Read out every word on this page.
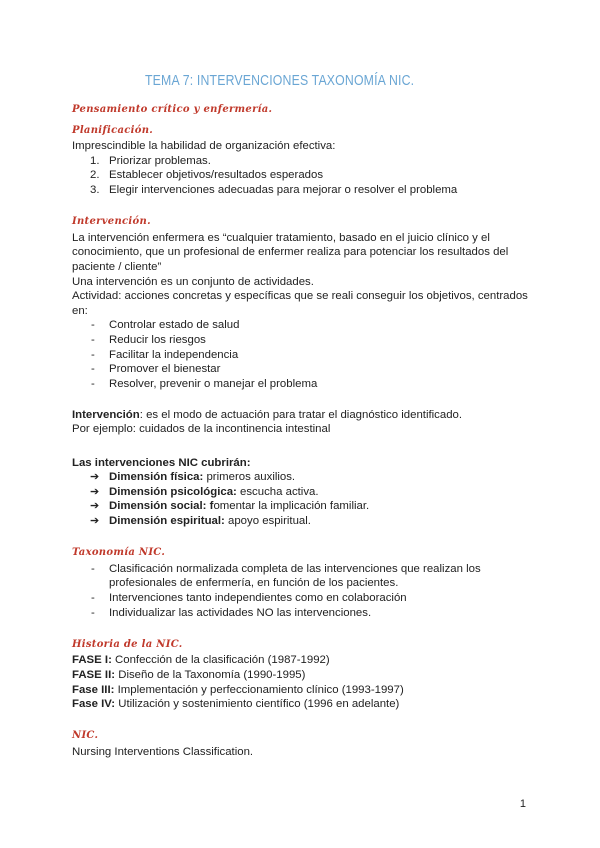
TEMA 7: INTERVENCIONES TAXONOMÍA NIC.

Pensamiento crítico y enfermería.

Planificación.

Imprescindible la habilidad de organización efectiva:

1. Priorizar problemas.
2. Establecer objetivos/resultados esperados
3. Elegir intervenciones adecuadas para mejorar o resolver el problema

Intervención.

La intervención enfermera es “cualquier tratamiento, basado en el juicio clínico y el conocimiento, que un profesional de enfermer realiza para potenciar los resultados del paciente / cliente”

Una intervención es un conjunto de actividades.

Actividad: acciones concretas y específicas que se reali conseguir los objetivos, centrados en:

- Controlar estado de salud
- Reducir los riesgos
- Facilitar la independencia
- Promover el bienestar
- Resolver, prevenir o manejar el problema

Intervención: es el modo de actuación para tratar el diagnóstico identificado.

Por ejemplo: cuidados de la incontinencia intestinal

Las intervenciones NIC cubrirán:

➔ Dimensión física: primeros auxilios.
➔ Dimensión psicológica: escucha activa.
➔ Dimensión social: fomentar la implicación familiar.
➔ Dimensión espiritual: apoyo espiritual.

Taxonomía NIC.

- Clasificación normalizada completa de las intervenciones que realizan los profesionales de enfermería, en función de los pacientes.
- Intervenciones tanto independientes como en colaboración
- Individualizar las actividades NO las intervenciones.

Historia de la NIC.

FASE I: Confección de la clasificación (1987-1992)

FASE II: Diseño de la Taxonomía (1990-1995)

Fase III: Implementación y perfeccionamiento clínico (1993-1997)

Fase IV: Utilización y sostenimiento científico (1996 en adelante)

NIC.

Nursing Interventions Classification.

1
